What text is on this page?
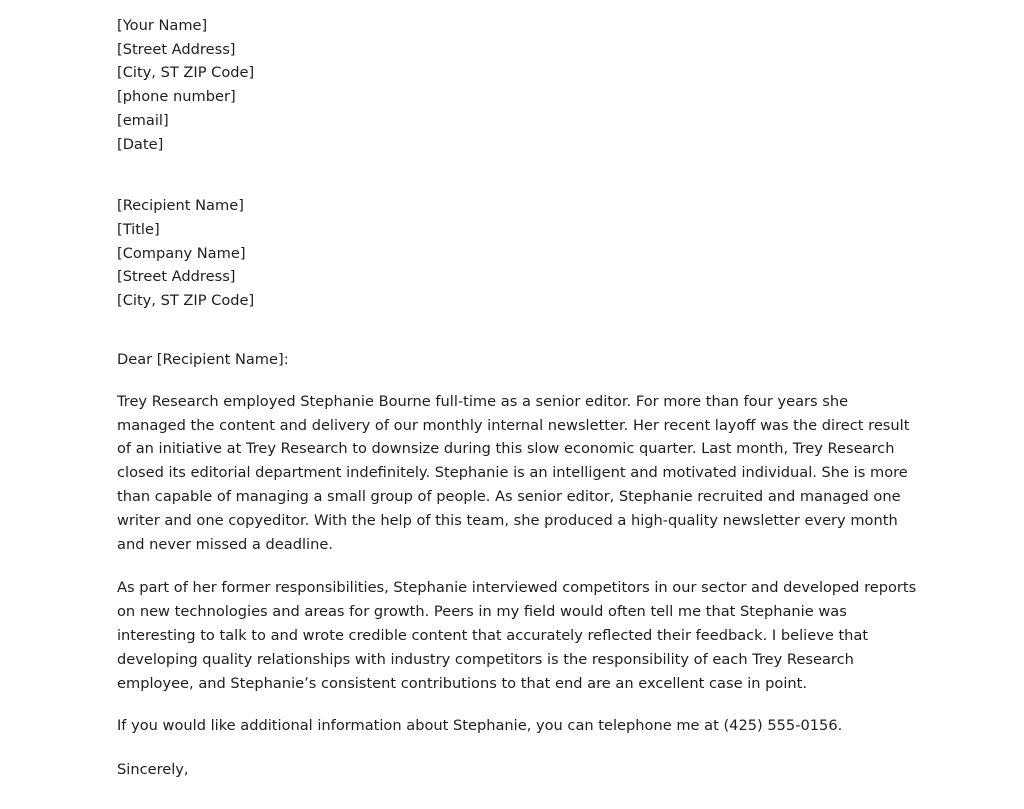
[Your Name]
[Street Address]
[City, ST ZIP Code]
[phone number]
[email]
[Date]
[Recipient Name]
[Title]
[Company Name]
[Street Address]
[City, ST ZIP Code]
Dear [Recipient Name]:

Trey Research employed Stephanie Bourne full-time as a senior editor. For more than four years she managed the content and delivery of our monthly internal newsletter. Her recent layoff was the direct result of an initiative at Trey Research to downsize during this slow economic quarter. Last month, Trey Research closed its editorial department indefinitely. Stephanie is an intelligent and motivated individual. She is more than capable of managing a small group of people. As senior editor, Stephanie recruited and managed one writer and one copyeditor. With the help of this team, she produced a high-quality newsletter every month and never missed a deadline.

As part of her former responsibilities, Stephanie interviewed competitors in our sector and developed reports on new technologies and areas for growth. Peers in my field would often tell me that Stephanie was interesting to talk to and wrote credible content that accurately reflected their feedback. I believe that developing quality relationships with industry competitors is the responsibility of each Trey Research employee, and Stephanie’s consistent contributions to that end are an excellent case in point.

If you would like additional information about Stephanie, you can telephone me at (425) 555-0156.

Sincerely,
